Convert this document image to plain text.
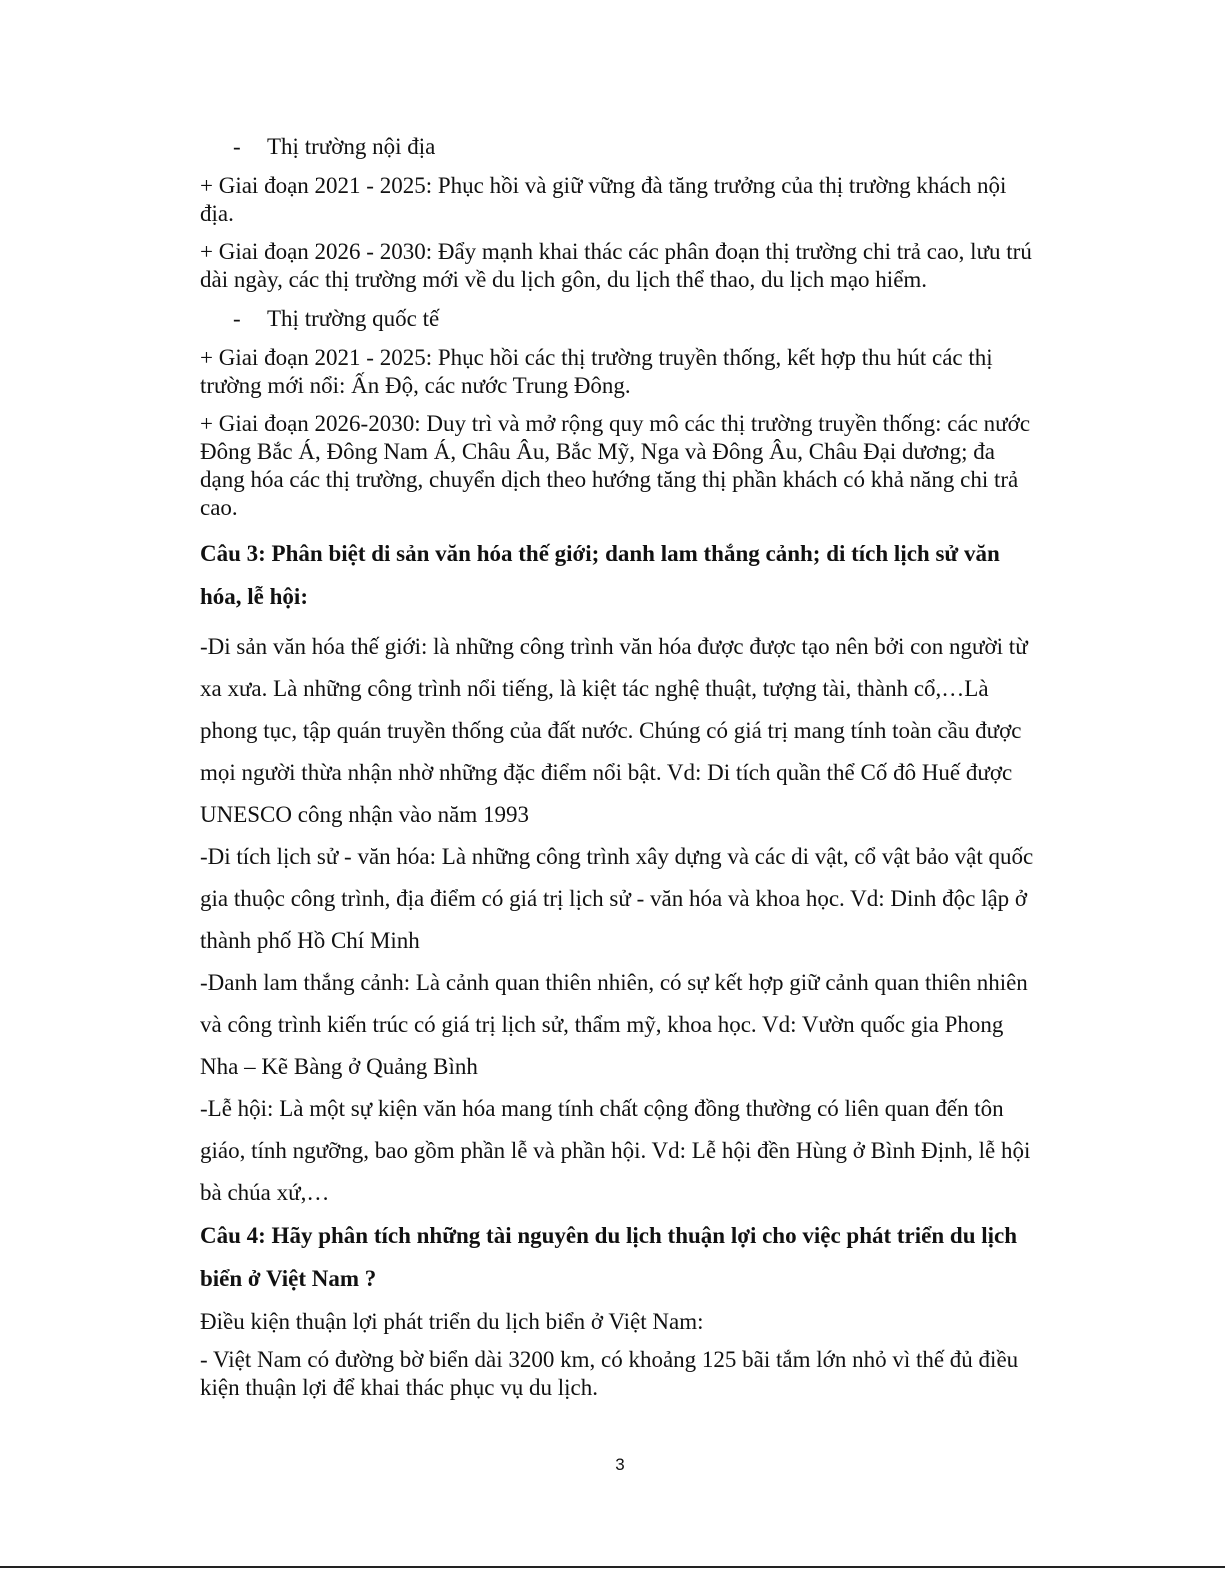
- Thị trường nội địa

+ Giai đoạn 2021 - 2025: Phục hồi và giữ vững đà tăng trưởng của thị trường khách nội địa.

+ Giai đoạn 2026 - 2030: Đẩy mạnh khai thác các phân đoạn thị trường chi trả cao, lưu trú dài ngày, các thị trường mới về du lịch gôn, du lịch thể thao, du lịch mạo hiểm.

- Thị trường quốc tế

+ Giai đoạn 2021 - 2025: Phục hồi các thị trường truyền thống, kết hợp thu hút các thị trường mới nổi: Ấn Độ, các nước Trung Đông.

+ Giai đoạn 2026-2030: Duy trì và mở rộng quy mô các thị trường truyền thống: các nước Đông Bắc Á, Đông Nam Á, Châu Âu, Bắc Mỹ, Nga và Đông Âu, Châu Đại dương; đa dạng hóa các thị trường, chuyển dịch theo hướng tăng thị phần khách có khả năng chi trả cao.

Câu 3: Phân biệt di sản văn hóa thế giới; danh lam thắng cảnh; di tích lịch sử văn hóa, lễ hội:

-Di sản văn hóa thế giới: là những công trình văn hóa được được tạo nên bởi con người từ xa xưa. Là những công trình nổi tiếng, là kiệt tác nghệ thuật, tượng tài, thành cổ,…Là phong tục, tập quán truyền thống của đất nước. Chúng có giá trị mang tính toàn cầu được mọi người thừa nhận nhờ những đặc điểm nổi bật. Vd: Di tích quần thể Cố đô Huế được UNESCO công nhận vào năm 1993

-Di tích lịch sử - văn hóa: Là những công trình xây dựng và các di vật, cổ vật bảo vật quốc gia thuộc công trình, địa điểm có giá trị lịch sử - văn hóa và khoa học. Vd: Dinh độc lập ở thành phố Hồ Chí Minh

-Danh lam thắng cảnh: Là cảnh quan thiên nhiên, có sự kết hợp giữ cảnh quan thiên nhiên và công trình kiến trúc có giá trị lịch sử, thẩm mỹ, khoa học. Vd: Vườn quốc gia Phong Nha – Kẽ Bàng ở Quảng Bình

-Lễ hội: Là một sự kiện văn hóa mang tính chất cộng đồng thường có liên quan đến tôn giáo, tính ngưỡng, bao gồm phần lễ và phần hội. Vd: Lễ hội đền Hùng ở Bình Định, lễ hội bà chúa xứ,…

Câu 4: Hãy phân tích những tài nguyên du lịch thuận lợi cho việc phát triển du lịch biển ở Việt Nam ?

Điều kiện thuận lợi phát triển du lịch biển ở Việt Nam:

- Việt Nam có đường bờ biển dài 3200 km, có khoảng 125 bãi tắm lớn nhỏ vì thế đủ điều kiện thuận lợi để khai thác phục vụ du lịch.

3
